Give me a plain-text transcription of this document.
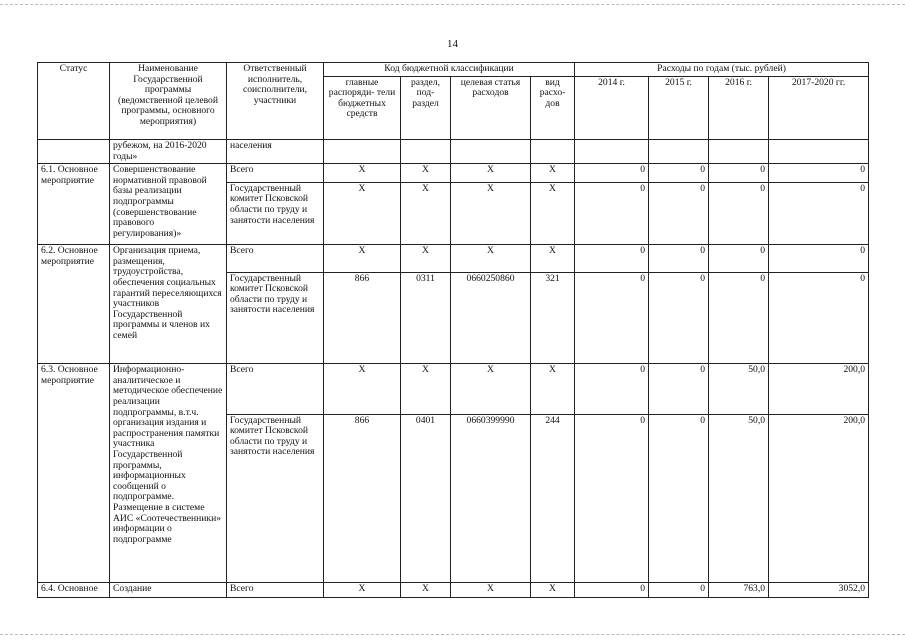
14
Статус	Наименование Государственной программы (ведомственной целевой программы, основного мероприятия)	Ответственный исполнитель, соисполнители, участники	Код бюджетной классификации				Расходы по годам (тыс. рублей)			
			главные распоряди- тели бюджетных средств	раздел, под- раздел	целевая статья расходов	вид расхо- дов	2014 г.	2015 г.	2016 г.	2017-2020 гг.
	рубежом, на 2016-2020 годы»	населения								
6.1. Основное мероприятие	Совершенствование нормативной правовой базы реализации подпрограммы (совершенствование правового регулирования)»	Всего	X	X	X	X	0	0	0	0
		Государственный комитет Псковской области по труду и занятости населения	X	X	X	X	0	0	0	0
6.2. Основное мероприятие	Организация приема, размещения, трудоустройства, обеспечения социальных гарантий переселяющихся участников Государственной программы и членов их семей	Всего	X	X	X	X	0	0	0	0
		Государственный комитет Псковской области по труду и занятости населения	866	0311	0660250860	321	0	0	0	0
6.3. Основное мероприятие	Информационно- аналитическое и методическое обеспечение реализации подпрограммы, в.т.ч. организация издания и распространения памятки участника Государственной программы, информационных сообщений о подпрограмме. Размещение в системе АИС «Соотечественники» информации о подпрограмме	Всего	X	X	X	X	0	0	50,0	200,0
		Государственный комитет Псковской области по труду и занятости населения	866	0401	0660399990	244	0	0	50,0	200,0
6.4. Основное	Создание	Всего	X	X	X	X	0	0	763,0	3052,0
